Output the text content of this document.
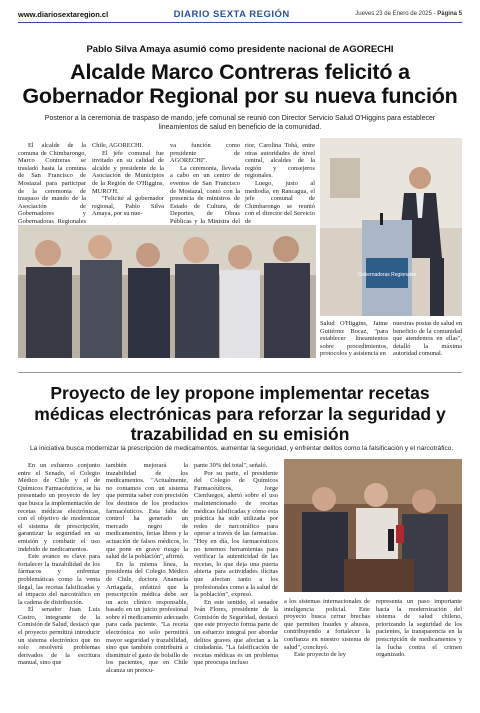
www.diariosextaregion.cl	DIARIO SEXTA REGIÓN	Jueves 23 de Enero de 2025 - Página 5
Pablo Silva Amaya asumió como presidente nacional de AGORECHI
Alcalde Marco Contreras felicitó a Gobernador Regional por su nueva función
Posterior a la ceremonia de traspaso de mando, jefe comunal se reunió con Director Servicio Salud O'Higgins para establecer lineamientos de salud en beneficio de la comunidad.

El alcalde de la comuna de Chimbarongo, Marco Contreras se trasladó hasta la comuna de San Francisco de Mostazal para participar de la ceremonia de traspaso de mando de la Asociación de Gobernadores y Gobernadoras Regionales

Chile, AGORECHI.

El jefe comunal fue invitado en su calidad de alcalde y presidente de la Asociación de Municipios de la Región de O'Higgins, MURO'H.

"Felicité al gobernador regional, Pablo Silva Amaya, por su nue-

va función como presidente de AGORECHI".

La ceremonia, llevada a cabo en un centro de eventos de San Francisco de Mostazal, contó con la presencia de ministros de Estado de Cultura, de Deportes, de Obras Públicas y la Ministra del

rior, Carolina Tohá, entre otras autoridades de nivel central, alcaldes de la región y consejeros regionales.

Luego, justo al mediodía, en Rancagua, el jefe comunal de Chimbarongo se reunió con el director del Servicio de

Gobernadoras Regionales

Salud O'Higgins, Jaime Gutiérrez Bocaz, "para establecer lineamientos sobre procedimientos, protocolos y asistencia en

nuestras postas de salud en beneficio de la comunidad que atendemos en ellas", detalló la máxima autoridad comunal.

Proyecto de ley propone implementar recetas médicas electrónicas para reforzar la seguridad y trazabilidad en su emisión
La iniciativa busca modernizar la prescripción de medicamentos, aumentar la seguridad, y enfrentar delitos como la falsificación y el narcotráfico.

En un esfuerzo conjunto entre el Senado, el Colegio Médico de Chile y el de Químicos Farmacéuticos, se ha presentado un proyecto de ley que busca la implementación de recetas médicas electrónicas, con el objetivo de modernizar el sistema de prescripción, garantizar la seguridad en su emisión y combatir el uso indebido de medicamentos.

Este avance es clave para fortalecer la trazabilidad de los fármacos y enfrentar problemáticas como la venta ilegal, las recetas falsificadas y el impacto del narcotráfico en la cadena de distribución.

El senador Juan Luis Castro, integrante de la Comisión de Salud, destacó que el proyecto permitirá introducir un sistema electrónico que no solo resolverá problemas derivados de la escritura manual, sino que

también mejorará la trazabilidad de los medicamentos. "Actualmente, no contamos con un sistema que permita saber con precisión los destinos de los productos farmacéuticos. Esta falta de control ha generado un mercado negro de medicamentos, ferias libres y la actuación de falsos médicos, lo que pone en grave riesgo la salud de la población", afirmó.

En la misma línea, la presidenta del Colegio Médico de Chile, doctora Anamaría Arriagada, enfatizó que la prescripción médica debe ser un acto clínico responsable, basado en un juicio profesional sobre el medicamento adecuado para cada paciente. "La receta electrónica no solo permitirá mayor seguridad y trazabilidad, sino que también contribuirá a disminuir el gasto de bolsillo de los pacientes, que en Chile alcanza un preocu-

pante 30% del total", señaló.

Por su parte, el presidente del Colegio de Químicos Farmacéuticos, Jorge Cienfuegos, alertó sobre el uso malintencionado de recetas médicas falsificadas y cómo esta práctica ha sido utilizada por redes de narcotráfico para operar a través de las farmacias. "Hoy en día, los farmacéuticos no tenemos herramientas para verificar la autenticidad de las recetas, lo que deja una puerta abierta para actividades ilícitas que afectan tanto a los profesionales como a la salud de la población", expresó.

En este sentido, el senador Iván Flores, presidente de la Comisión de Seguridad, destacó que este proyecto forma parte de un esfuerzo integral por abordar delitos graves que afectan a la ciudadanía. "La falsificación de recetas médicas es un problema que preocupa incluso

a los sistemas internacionales de inteligencia policial. Este proyecto busca cerrar brechas que permiten fraudes y abusos, contribuyendo a fortalecer la confianza en nuestro sistema de salud", concluyó.

Este proyecto de ley

representa un paso importante hacia la modernización del sistema de salud chileno, priorizando la seguridad de los pacientes, la transparencia en la prescripción de medicamentos y la lucha contra el crimen organizado.
